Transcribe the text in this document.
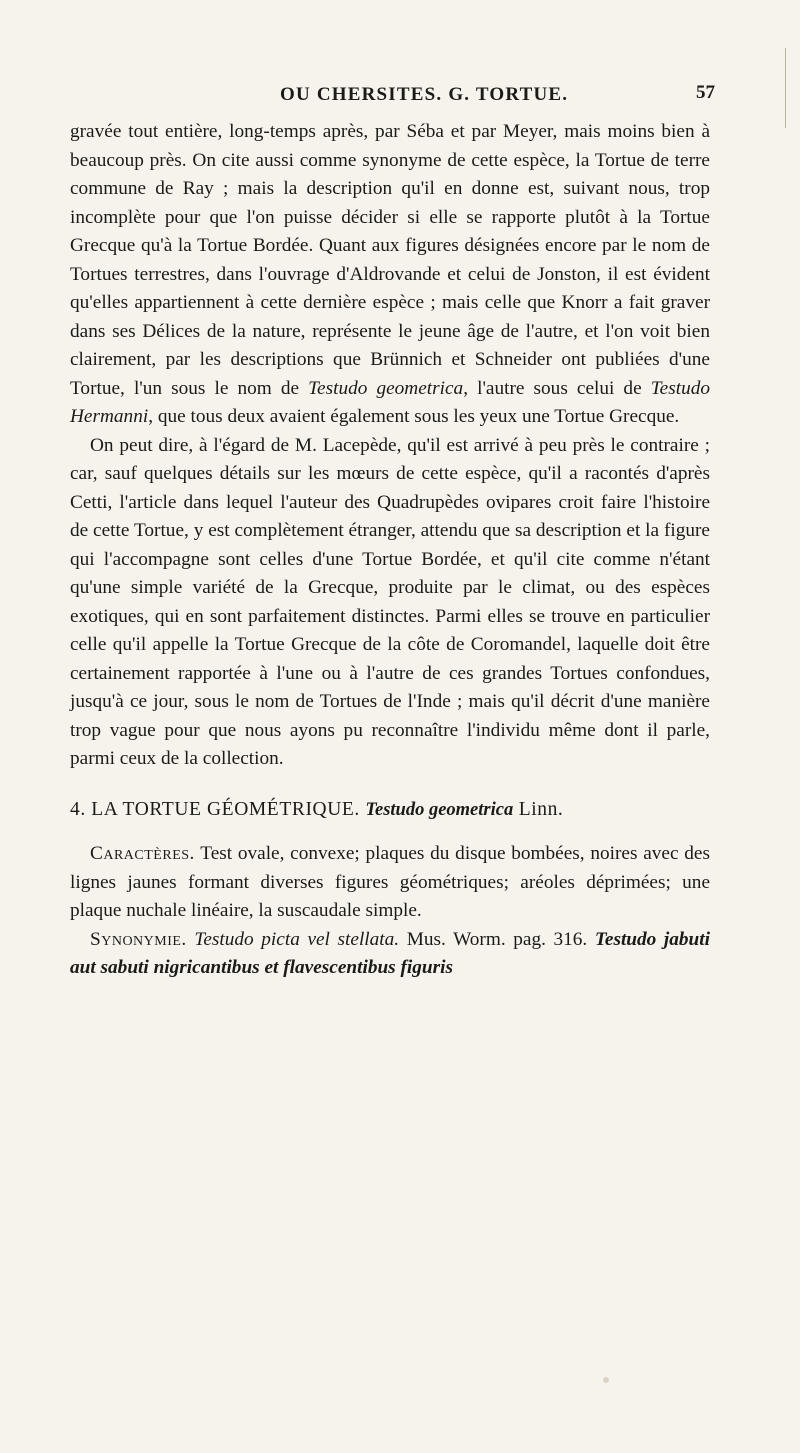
OU CHERSITES. G. TORTUE.	57

gravée tout entière, long-temps après, par Séba et par Meyer, mais moins bien à beaucoup près. On cite aussi comme synonyme de cette espèce, la Tortue de terre commune de Ray ; mais la description qu'il en donne est, suivant nous, trop incomplète pour que l'on puisse décider si elle se rapporte plutôt à la Tortue Grecque qu'à la Tortue Bordée. Quant aux figures désignées encore par le nom de Tortues terrestres, dans l'ouvrage d'Aldrovande et celui de Jonston, il est évident qu'elles appartiennent à cette dernière espèce ; mais celle que Knorr a fait graver dans ses Délices de la nature, représente le jeune âge de l'autre, et l'on voit bien clairement, par les descriptions que Brünnich et Schneider ont publiées d'une Tortue, l'un sous le nom de Testudo geometrica, l'autre sous celui de Testudo Hermanni, que tous deux avaient également sous les yeux une Tortue Grecque.

On peut dire, à l'égard de M. Lacepède, qu'il est arrivé à peu près le contraire ; car, sauf quelques détails sur les mœurs de cette espèce, qu'il a racontés d'après Cetti, l'article dans lequel l'auteur des Quadrupèdes ovipares croit faire l'histoire de cette Tortue, y est complètement étranger, attendu que sa description et la figure qui l'accompagne sont celles d'une Tortue Bordée, et qu'il cite comme n'étant qu'une simple variété de la Grecque, produite par le climat, ou des espèces exotiques, qui en sont parfaitement distinctes. Parmi elles se trouve en particulier celle qu'il appelle la Tortue Grecque de la côte de Coromandel, laquelle doit être certainement rapportée à l'une ou à l'autre de ces grandes Tortues confondues, jusqu'à ce jour, sous le nom de Tortues de l'Inde ; mais qu'il décrit d'une manière trop vague pour que nous ayons pu reconnaître l'individu même dont il parle, parmi ceux de la collection.

4. LA TORTUE GÉOMÉTRIQUE. Testudo geometrica Linn.

Caractères. Test ovale, convexe; plaques du disque bombées, noires avec des lignes jaunes formant diverses figures géométriques; aréoles déprimées; une plaque nuchale linéaire, la suscaudale simple.

Synonymie. Testudo picta vel stellata. Mus. Worm. pag. 316. Testudo jabuti aut sabuti nigricantibus et flavescentibus figuris
